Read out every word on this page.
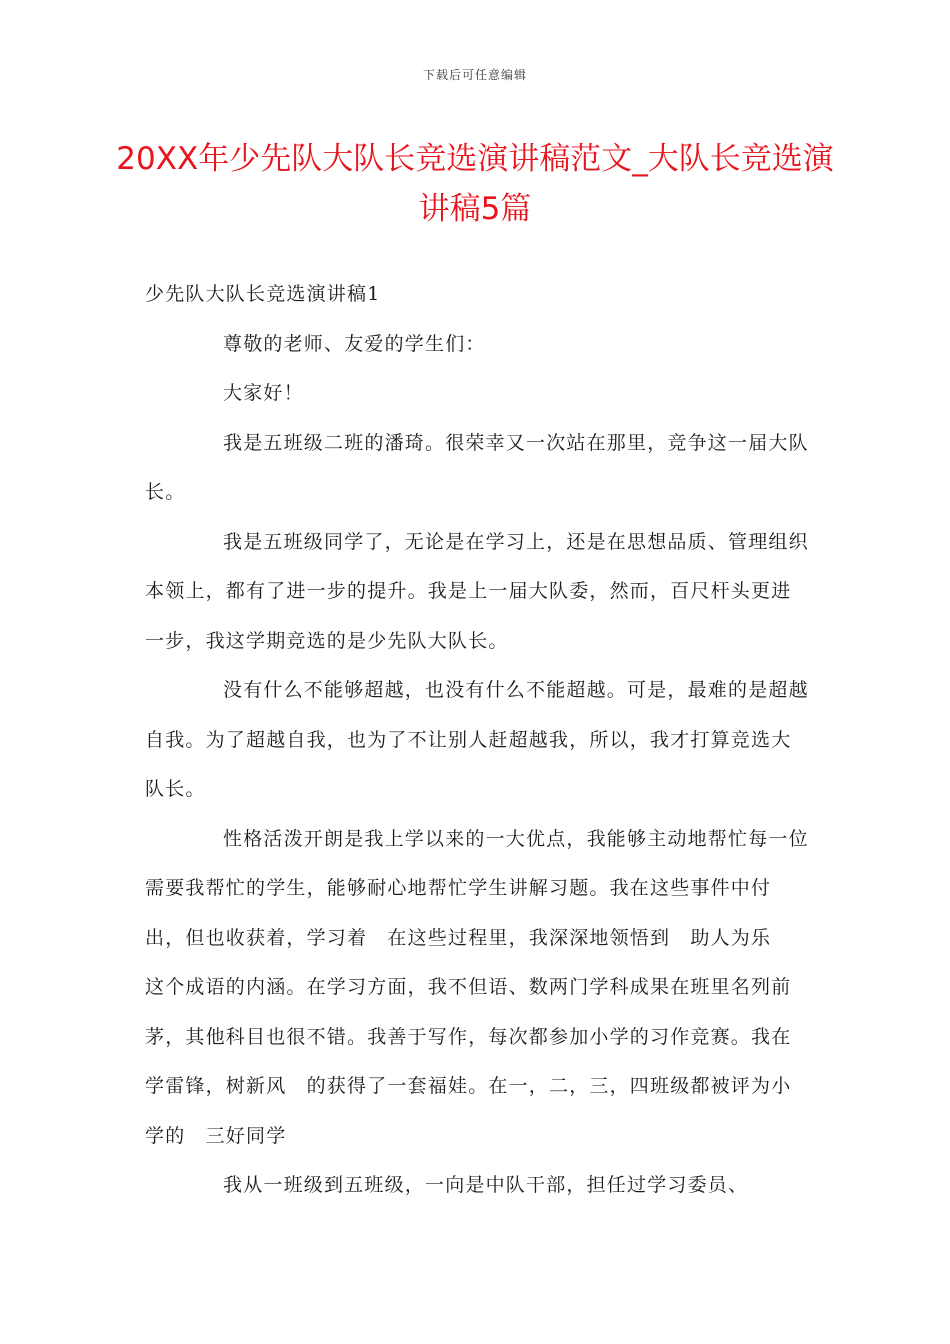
下载后可任意编辑
20XX年少先队大队长竞选演讲稿范文_大队长竞选演讲稿5篇

少先队大队长竞选演讲稿1

尊敬的老师、友爱的学生们：

大家好！

我是五班级二班的潘琦。很荣幸又一次站在那里，竞争这一届大队长。

我是五班级同学了，无论是在学习上，还是在思想品质、管理组织本领上，都有了进一步的提升。我是上一届大队委，然而，百尺杆头更进一步，我这学期竞选的是少先队大队长。

没有什么不能够超越，也没有什么不能超越。可是，最难的是超越自我。为了超越自我，也为了不让别人赶超越我，所以，我才打算竞选大队长。

性格活泼开朗是我上学以来的一大优点，我能够主动地帮忙每一位需要我帮忙的学生，能够耐心地帮忙学生讲解习题。我在这些事件中付出，但也收获着，学习着　在这些过程里，我深深地领悟到　助人为乐　这个成语的内涵。在学习方面，我不但语、数两门学科成果在班里名列前茅，其他科目也很不错。我善于写作，每次都参加小学的习作竞赛。我在　学雷锋，树新风　的获得了一套福娃。在一，二，三，四班级都被评为小学的　三好同学

我从一班级到五班级，一向是中队干部，担任过学习委员、
